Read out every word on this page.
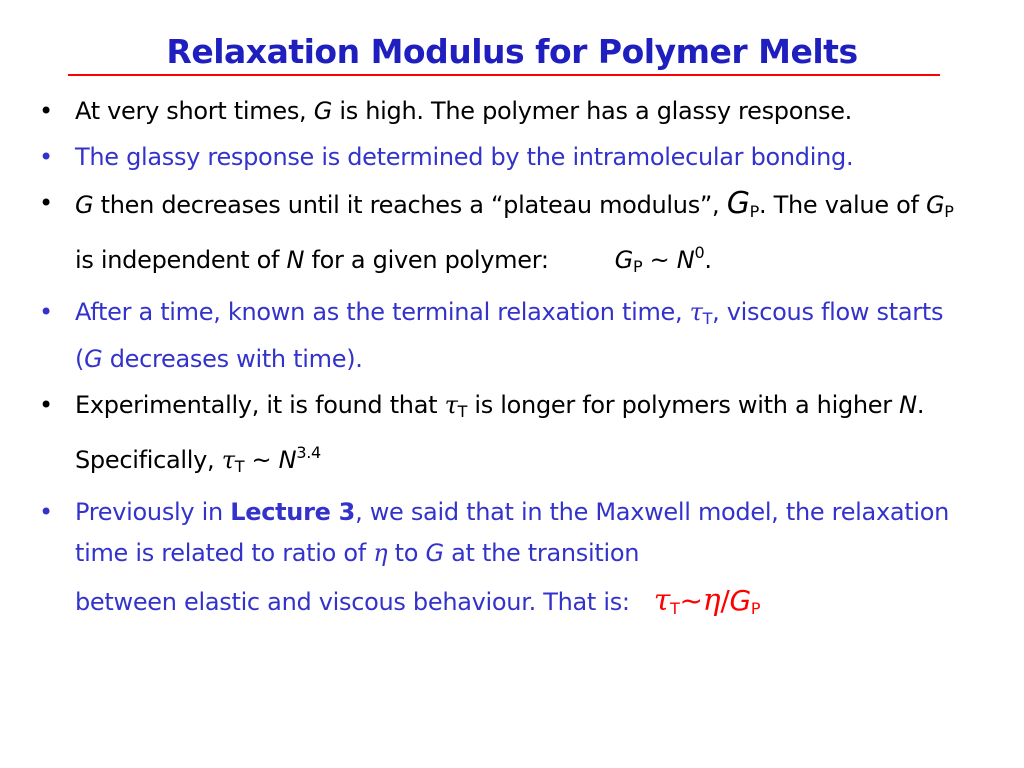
Relaxation Modulus for Polymer Melts
• At very short times, G is high. The polymer has a glassy response.
• The glassy response is determined by the intramolecular bonding.
• G then decreases until it reaches a “plateau modulus”, $G_P$. The value of $G_P$ is independent of N for a given polymer:	$G_P$ ~ $N^0$.
• After a time, known as the terminal relaxation time, $\tau_T$, viscous flow starts (G decreases with time).
• Experimentally, it is found that $\tau_T$ is longer for polymers with a higher N. Specifically, $\tau_T$ ~ $N^{3.4}$
• Previously in Lecture 3, we said that in the Maxwell model, the relaxation time is related to ratio of η to G at the transition
between elastic and viscous behaviour. That is: $\tau_T\sim\eta/G_P$
